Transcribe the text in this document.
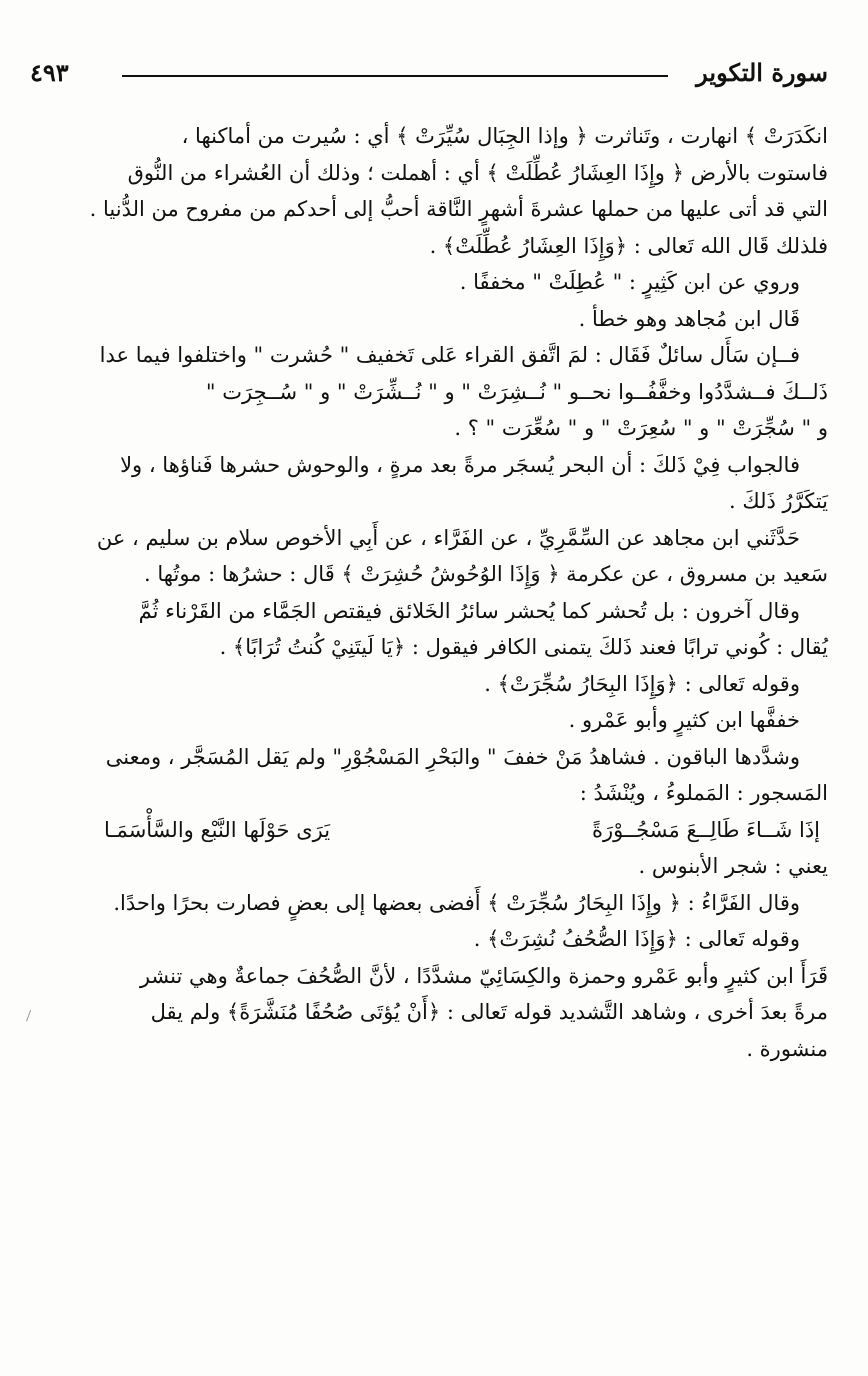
سورة التكوير
٤٩٣

انكَدَرَتْ ﴾ انهارت ، وتَناثرت ﴿ وإذا الجِبَال سُيِّرَتْ ﴾ أي : سُيرت من أماكنها ،

فاستوت بالأرض ﴿ وإِذَا العِشَارُ عُطِّلَتْ ﴾ أي : أهملت ؛ وذلك أن العُشراء من النُّوق

التي قد أتى عليها من حملها عشرةَ أشهرٍ النَّاقة أحبُّ إلى أحدكم من مفروح من الدُّنيا .

فلذلك قَال الله تَعالى : ﴿وَإِذَا العِشَارُ عُطِّلَتْ﴾ .

وروي عن ابن كَثِيرٍ : " عُطِلَتْ " مخففًا .

قَال ابن مُجاهد وهو خطأ .

فــإن سَأَل سائلٌ فَقَال : لمَ اتَّفق القراء عَلى تَخفيف " حُشرت " واختلفوا فيما عدا

ذَلــكَ فــشدَّدُوا وخفَّفُــوا نحــو " نُــشِرَتْ " و " نُــشِّرَتْ " و " سُــجِرَت "

و " سُجِّرَتْ " و " سُعِرَتْ " و " سُعِّرَت " ؟ .

فالجواب فِيْ ذَلكَ : أن البحر يُسجَر مرةً بعد مرةٍ ، والوحوش حشرها فَناؤها ، ولا

يَتكَرَّرُ ذَلكَ .

حَدَّثَني ابن مجاهد عن السِّمَّرِيِّ ، عن الفَرَّاء ، عن أَبِي الأخوص سلام بن سليم ، عن

سَعيد بن مسروق ، عن عكرمة ﴿ وَإِذَا الوُحُوشُ حُشِرَتْ ﴾ قَال : حشرُها : موتُها .

وقال آخرون : بل تُحشر كما يُحشر سائرُ الخَلائق فيقتص الجَمَّاء من القَرْناء ثُمَّ

يُقال : كُوني ترابًا فعند ذَلكَ يتمنى الكافر فيقول : ﴿يَا لَيتَنِيْ كُنتُ تُرَابًا﴾ .

وقوله تَعالى : ﴿وَإِذَا البِحَارُ سُجِّرَتْ﴾ .

خففَّها ابن كثيرٍ وأبو عَمْرو .

وشدَّدها الباقون . فشاهدُ مَنْ خففَ " والبَحْرِ المَسْجُوْرِ" ولم يَقل المُسَجَّر ، ومعنى

المَسجور : المَملوءُ ، ويُنْشَدُ :

إذَا شَــاءَ طَالِــعَ مَسْجُــوْرَةً
يَرَى حَوْلَها النَّبْع والسَّأْسَمَـا

يعني : شجر الأبنوس .

وقال الفَرَّاءُ : ﴿ وإِذَا البِحَارُ سُجِّرَتْ ﴾ أَفضى بعضها إلى بعضٍ فصارت بحرًا واحدًا.

وقوله تَعالى : ﴿وَإِذَا الصُّحُفُ نُشِرَتْ﴾ .

قَرَأَ ابن كثيرٍ وأبو عَمْرو وحمزة والكِسَائِيّ مشدَّدًا ، لأنَّ الصُّحُفَ جماعةٌ وهي تنشر

مرةً بعدَ أخرى ، وشاهد التَّشديد قوله تَعالى : ﴿أَنْ يُؤتَى صُحُفًا مُنَشَّرَةً﴾ ولم يقل

منشورة .
